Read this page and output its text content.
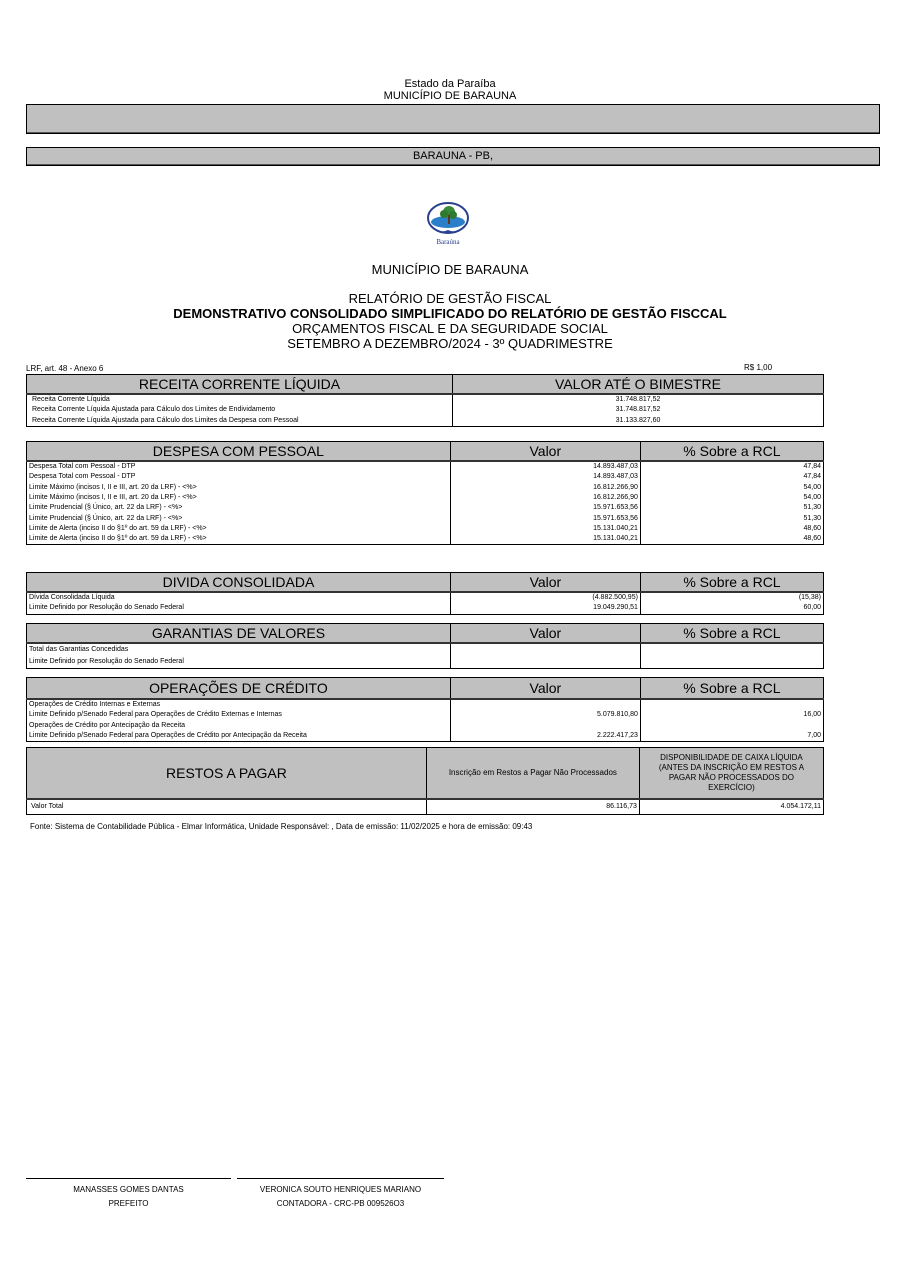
Estado da Paraíba
MUNICÍPIO DE BARAUNA
BARAUNA - PB,
Baraúna
MUNICÍPIO DE BARAUNA
RELATÓRIO DE GESTÃO FISCAL
DEMONSTRATIVO CONSOLIDADO SIMPLIFICADO DO RELATÓRIO DE GESTÃO FISCCAL
ORÇAMENTOS FISCAL E DA SEGURIDADE SOCIAL
SETEMBRO A DEZEMBRO/2024 - 3º QUADRIMESTRE
LRF, art. 48 - Anexo 6	R$ 1,00
RECEITA CORRENTE LÍQUIDA	VALOR ATÉ O BIMESTRE
Receita Corrente Líquida	31.748.817,52
Receita Corrente Líquida Ajustada para Cálculo dos Limites de Endividamento	31.748.817,52
Receita Corrente Líquida Ajustada para Cálculo dos Limites da Despesa com Pessoal	31.133.827,60
DESPESA COM PESSOAL	Valor	% Sobre a RCL
Despesa Total com Pessoal - DTP	14.893.487,03	47,84
Despesa Total com Pessoal - DTP	14.893.487,03	47,84
Limite Máximo (incisos I, II e III, art. 20 da LRF) - <%>	16.812.266,90	54,00
Limite Máximo (incisos I, II e III, art. 20 da LRF) - <%>	16.812.266,90	54,00
Limite Prudencial (§ Único, art. 22 da LRF) - <%>	15.971.653,56	51,30
Limite Prudencial (§ Único, art. 22 da LRF) - <%>	15.971.653,56	51,30
Limite de Alerta (inciso II do §1º do art. 59 da LRF) - <%>	15.131.040,21	48,60
Limite de Alerta (inciso II do §1º do art. 59 da LRF) - <%>	15.131.040,21	48,60
DIVIDA CONSOLIDADA	Valor	% Sobre a RCL
Dívida Consolidada Líquida	(4.882.500,95)	(15,38)
Limite Definido por Resolução do Senado Federal	19.049.290,51	60,00
GARANTIAS DE VALORES	Valor	% Sobre a RCL
Total das Garantias Concedidas		
Limite Definido por Resolução do Senado Federal		
OPERAÇÕES DE CRÉDITO	Valor	% Sobre a RCL
Operações de Crédito Internas e Externas		
Limite Definido p/Senado Federal para Operações de Crédito Externas e Internas	5.079.810,80	16,00
Operações de Crédito por Antecipação da Receita		
Limite Definido p/Senado Federal para Operações de Crédito por Antecipação da Receita	2.222.417,23	7,00
RESTOS A PAGAR	Inscrição em Restos a Pagar Não Processados	DISPONIBILIDADE DE CAIXA LÍQUIDA (ANTES DA INSCRIÇÃO EM RESTOS A PAGAR NÃO PROCESSADOS DO EXERCÍCIO)
Valor Total	86.116,73	4.054.172,11
Fonte: Sistema de Contabilidade Pública - Elmar Informática, Unidade Responsável: , Data de emissão: 11/02/2025 e hora de emissão: 09:43
MANASSES GOMES DANTAS
PREFEITO
VERONICA SOUTO HENRIQUES MARIANO
CONTADORA - CRC-PB 009526O3
